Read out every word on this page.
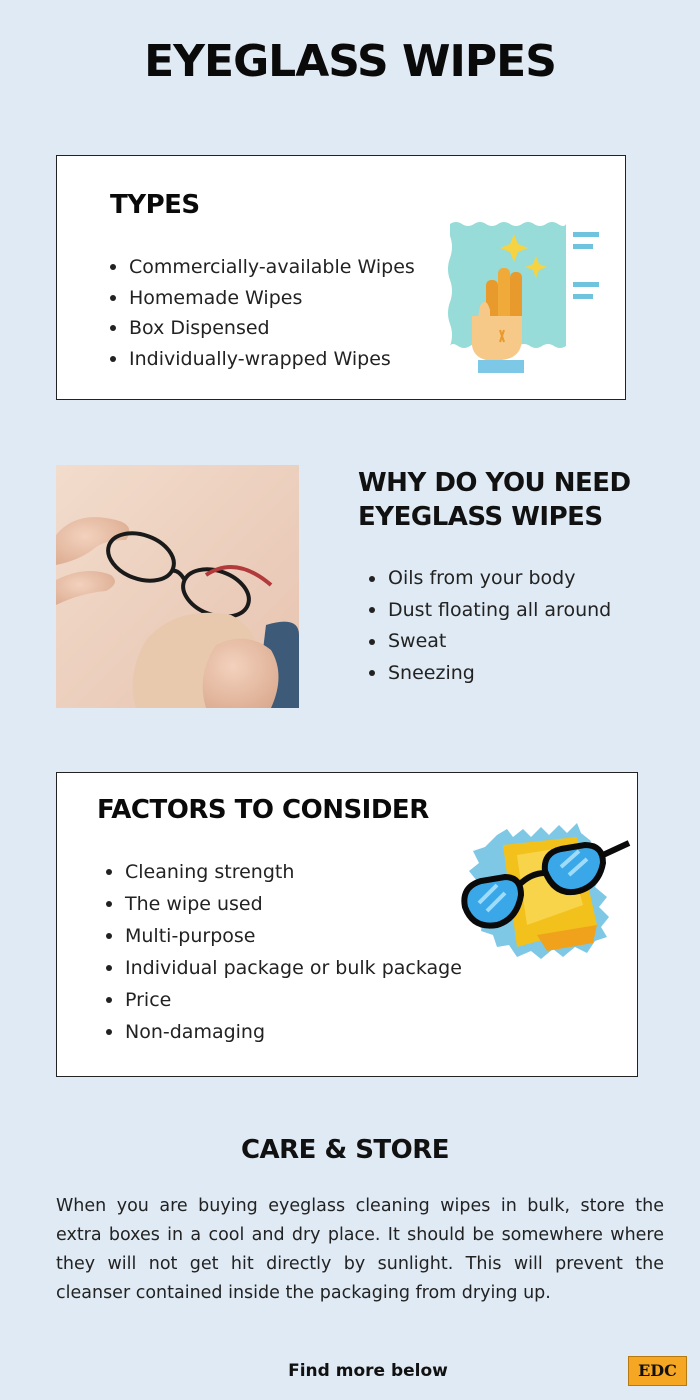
EYEGLASS WIPES
TYPES
Commercially-available Wipes
Homemade Wipes
Box Dispensed
Individually-wrapped Wipes
WHY DO YOU NEED
EYEGLASS WIPES
Oils from your body
Dust floating all around
Sweat
Sneezing
FACTORS TO CONSIDER
Cleaning strength
The wipe used
Multi-purpose
Individual package or bulk package
Price
Non-damaging
CARE & STORE
When you are buying eyeglass cleaning wipes in bulk, store the extra boxes in a cool and dry place. It should be somewhere where they will not get hit directly by sunlight. This will prevent the cleanser contained inside the packaging from drying up.
Find more below	EDC
